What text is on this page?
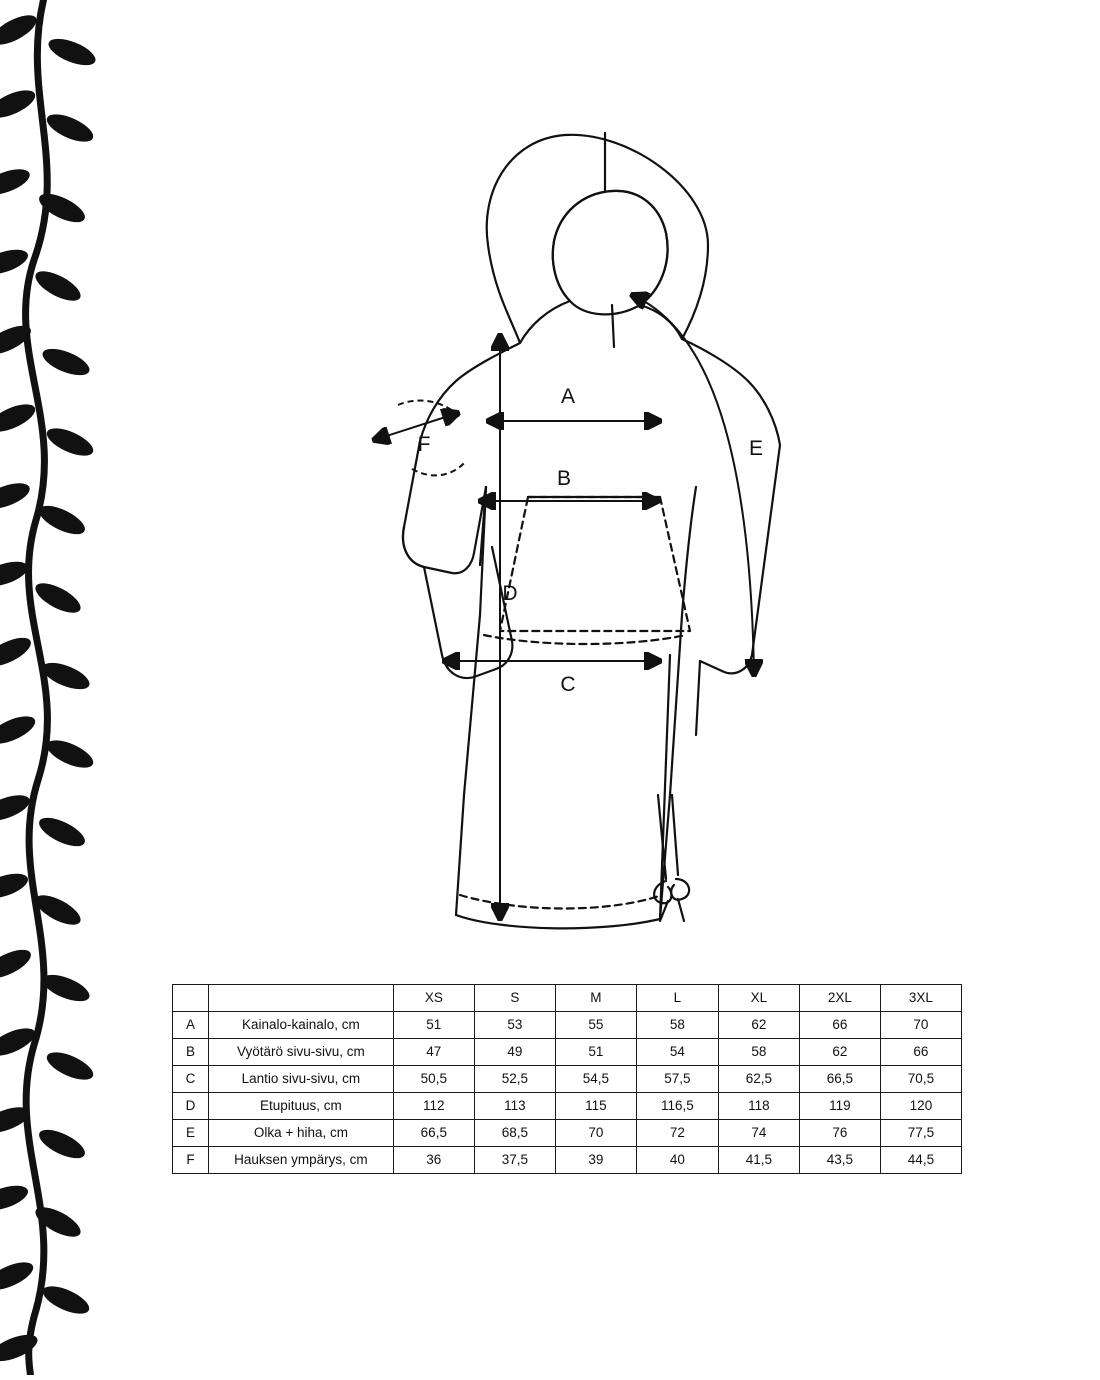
A
B
C
D
E
F
		XS	S	M	L	XL	2XL	3XL
A	Kainalo-kainalo, cm	51	53	55	58	62	66	70
B	Vyötärö sivu-sivu, cm	47	49	51	54	58	62	66
C	Lantio sivu-sivu, cm	50,5	52,5	54,5	57,5	62,5	66,5	70,5
D	Etupituus, cm	112	113	115	116,5	118	119	120
E	Olka + hiha, cm	66,5	68,5	70	72	74	76	77,5
F	Hauksen ympärys, cm	36	37,5	39	40	41,5	43,5	44,5
